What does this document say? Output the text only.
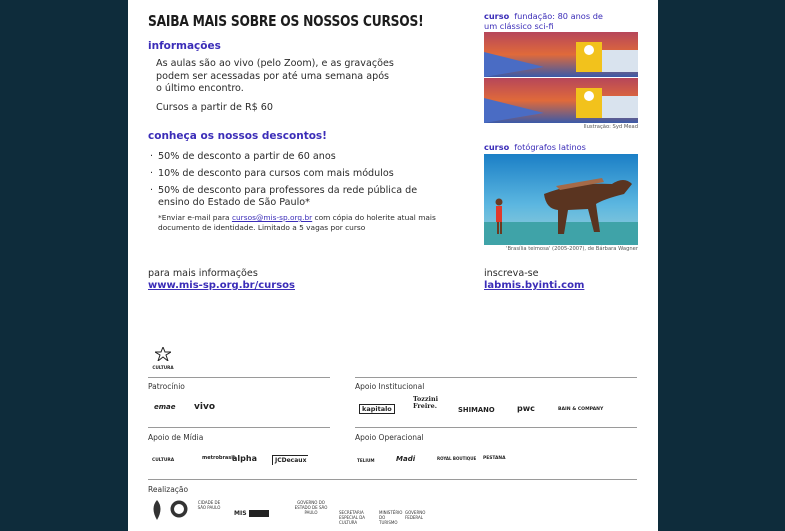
SAIBA MAIS SOBRE OS NOSSOS CURSOS!
informações
As aulas são ao vivo (pelo Zoom), e as gravações
podem ser acessadas por até uma semana após
o último encontro.
Cursos a partir de R$ 60
conheça os nossos descontos!
· 50% de desconto a partir de 60 anos
· 10% de desconto para cursos com mais módulos
· 50% de desconto para professores da rede pública de ensino do Estado de São Paulo*
*Enviar e-mail para cursos@mis-sp.org.br com cópia do holerite atual mais documento de identidade. Limitado a 5 vagas por curso
para mais informações
www.mis-sp.org.br/cursos
inscreva-se
labmis.byinti.com
curso fundação: 80 anos de
um clássico sci-fi
Ilustração: Syd Mead
curso fotógrafos latinos
'Brasília teimosa' (2005-2007), de Bárbara Wagner
CULTURA
Patrocínio	Apoio Institucional
emae vivo	kapitalo
Tozzini Freire.	SHIMANO	pwc	BAIN & COMPANY
Apoio de Mídia	Apoio Operacional
CULTURA	metrobrasil
alpha	JCDecaux	TELIUM	Madi	ROYAL BOUTIQUE PESTANA
Realização
CIDADE DE SÃO PAULO
MIS
GOVERNO DO ESTADO DE SÃO PAULO	SECRETARIA ESPECIAL DA CULTURA
MINISTÉRIO DO TURISMO
GOVERNO FEDERAL
